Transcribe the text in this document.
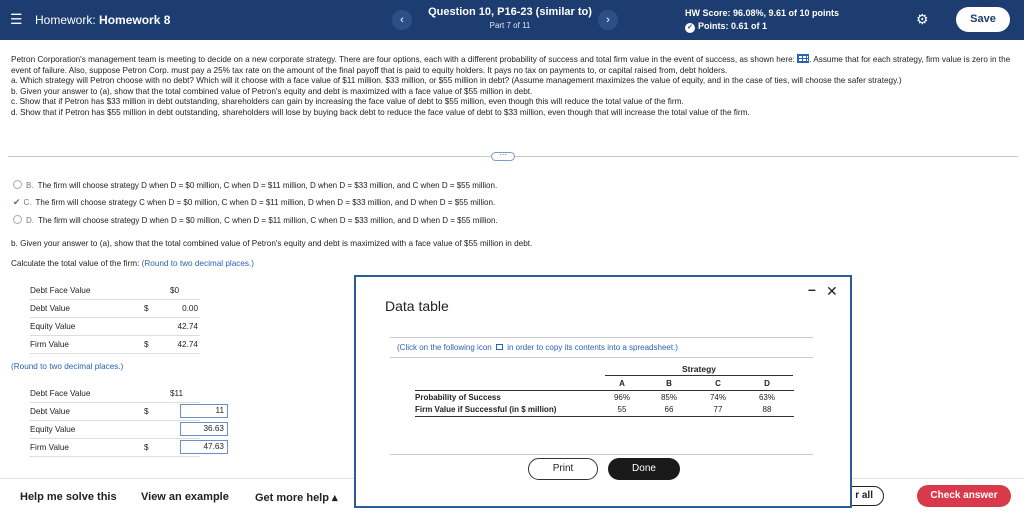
☰ Homework: Homework 8	‹
Question 10, P16-23 (similar to)
Part 7 of 11	›
HW Score: 96.08%, 9.61 of 10 points
✓ Points: 0.61 of 1	⚙	Save

Petron Corporation's management team is meeting to decide on a new corporate strategy. There are four options, each with a different probability of success and total firm value in the event of success, as shown here: . Assume that for each strategy, firm value is zero in the event of failure. Also, suppose Petron Corp. must pay a 25% tax rate on the amount of the final payoff that is paid to equity holders. It pays no tax on payments to, or capital raised from, debt holders.

a. Which strategy will Petron choose with no debt? Which will it choose with a face value of $11 million. $33 million, or $55 million in debt? (Assume management maximizes the value of equity, and in the case of ties, will choose the safer strategy.)

b. Given your answer to (a), show that the total combined value of Petron's equity and debt is maximized with a face value of $55 million in debt.

c. Show that if Petron has $33 million in debt outstanding, shareholders can gain by increasing the face value of debt to $55 million, even though this will reduce the total value of the firm.

d. Show that if Petron has $55 million in debt outstanding, shareholders will lose by buying back debt to reduce the face value of debt to $33 million, even though that will increase the total value of the firm.

⋯
B. The firm will choose strategy D when D = $0 million, C when D = $11 million, D when D = $33 million, and C when D = $55 million.
✔ C. The firm will choose strategy C when D = $0 million, C when D = $11 million, D when D = $33 million, and D when D = $55 million.
D. The firm will choose strategy D when D = $0 million, C when D = $11 million, C when D = $33 million, and D when D = $55 million.
b. Given your answer to (a), show that the total combined value of Petron's equity and debt is maximized with a face value of $55 million in debt.
Calculate the total value of the firm: (Round to two decimal places.)
Debt Face Value	$0
Debt Value	$	0.00
Equity Value	42.74
Firm Value	$	42.74
(Round to two decimal places.)
Debt Face Value	$11
Debt Value	$	11
Equity Value	36.63
Firm Value	$	47.63
Help me solve this View an example Get more help ▴	r all	Check answer
– ✕
Data table
(Click on the following icon in order to copy its contents into a spreadsheet.)
Strategy
A	B	C	D
Probability of Success	96%	85%	74%	63%
Firm Value if Successful (in $ million)	55	66	77	88
Print	Done
